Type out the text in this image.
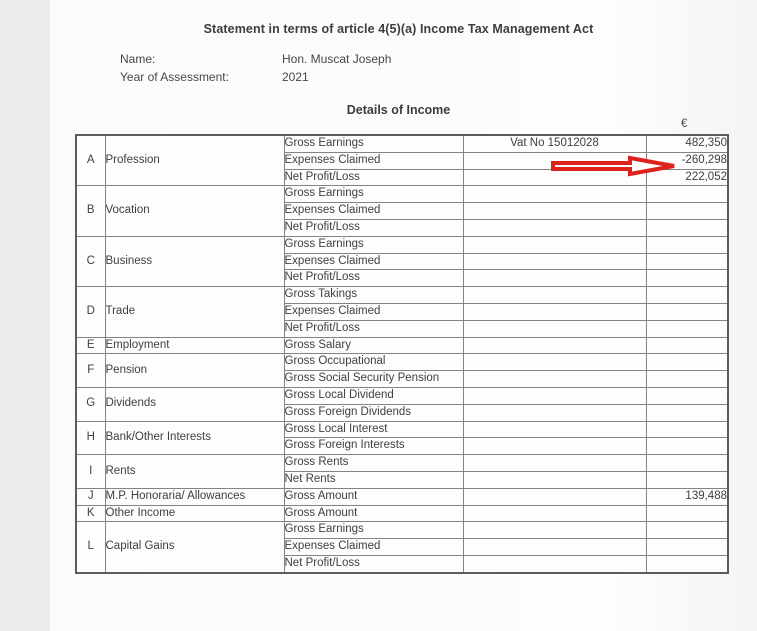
Statement in terms of article 4(5)(a) Income Tax Management Act
Name:	Hon. Muscat Joseph
Year of Assessment:	2021
Details of Income
€
A	Profession	Gross Earnings	Vat No 15012028	482,350
		Expenses Claimed		-260,298
		Net Profit/Loss		222,052
B	Vocation	Gross Earnings		
		Expenses Claimed		
		Net Profit/Loss		
C	Business	Gross Earnings		
		Expenses Claimed		
		Net Profit/Loss		
D	Trade	Gross Takings		
		Expenses Claimed		
		Net Profit/Loss		
E	Employment	Gross Salary		
F	Pension	Gross Occupational		
		Gross Social Security Pension		
G	Dividends	Gross Local Dividend		
		Gross Foreign Dividends		
H	Bank/Other Interests	Gross Local Interest		
		Gross Foreign Interests		
I	Rents	Gross Rents		
		Net Rents		
J	M.P. Honoraria/ Allowances	Gross Amount		139,488
K	Other Income	Gross Amount		
L	Capital Gains	Gross Earnings		
		Expenses Claimed		
		Net Profit/Loss		
